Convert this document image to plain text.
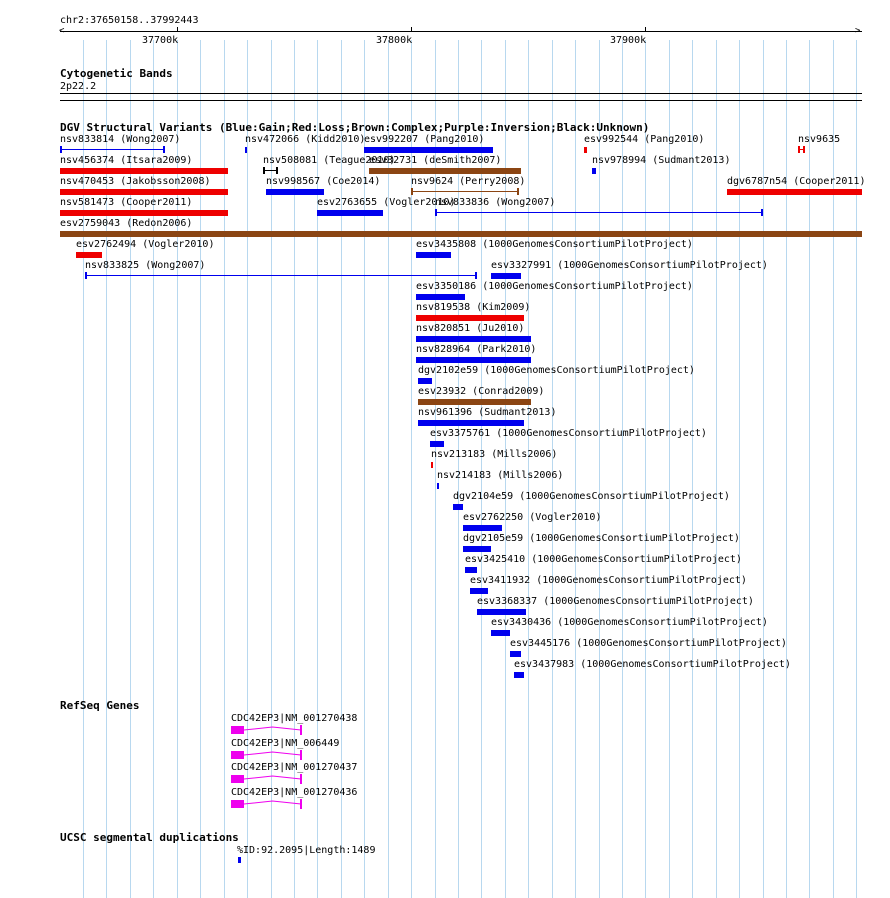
chr2:37650158..37992443
<	>
37700k	37800k	37900k
Cytogenetic Bands
2p22.2
DGV Structural Variants (Blue:Gain;Red:Loss;Brown:Complex;Purple:Inversion;Black:Unknown)
nsv833814 (Wong2007)	nsv472066 (Kidd2010)
esv992207 (Pang2010)	esv992544 (Pang2010)	nsv9635
nsv456374 (Itsara2009)	nsv508081 (Teague2010)
esv32731 (deSmith2007)	nsv978994 (Sudmant2013)
nsv470453 (Jakobsson2008)	nsv998567 (Coe2014)	nsv9624 (Perry2008)	dgv6787n54 (Cooper2011)
nsv581473 (Cooper2011)	esv2763655 (Vogler2010)
nsv833836 (Wong2007)
esv2759043 (Redon2006)
esv2762494 (Vogler2010)	esv3435808 (1000GenomesConsortiumPilotProject)
nsv833825 (Wong2007)	esv3327991 (1000GenomesConsortiumPilotProject)
esv3350186 (1000GenomesConsortiumPilotProject)
nsv819538 (Kim2009)
nsv820851 (Ju2010)
nsv828964 (Park2010)
dgv2102e59 (1000GenomesConsortiumPilotProject)
esv23932 (Conrad2009)
nsv961396 (Sudmant2013)
esv3375761 (1000GenomesConsortiumPilotProject)
nsv213183 (Mills2006)
nsv214183 (Mills2006)
dgv2104e59 (1000GenomesConsortiumPilotProject)
esv2762250 (Vogler2010)
dgv2105e59 (1000GenomesConsortiumPilotProject)
esv3425410 (1000GenomesConsortiumPilotProject)
esv3411932 (1000GenomesConsortiumPilotProject)
esv3368337 (1000GenomesConsortiumPilotProject)
esv3430436 (1000GenomesConsortiumPilotProject)
esv3445176 (1000GenomesConsortiumPilotProject)
esv3437983 (1000GenomesConsortiumPilotProject)
RefSeq Genes
CDC42EP3|NM_001270438
CDC42EP3|NM_006449
CDC42EP3|NM_001270437
CDC42EP3|NM_001270436
UCSC segmental duplications
%ID:92.2095|Length:1489
